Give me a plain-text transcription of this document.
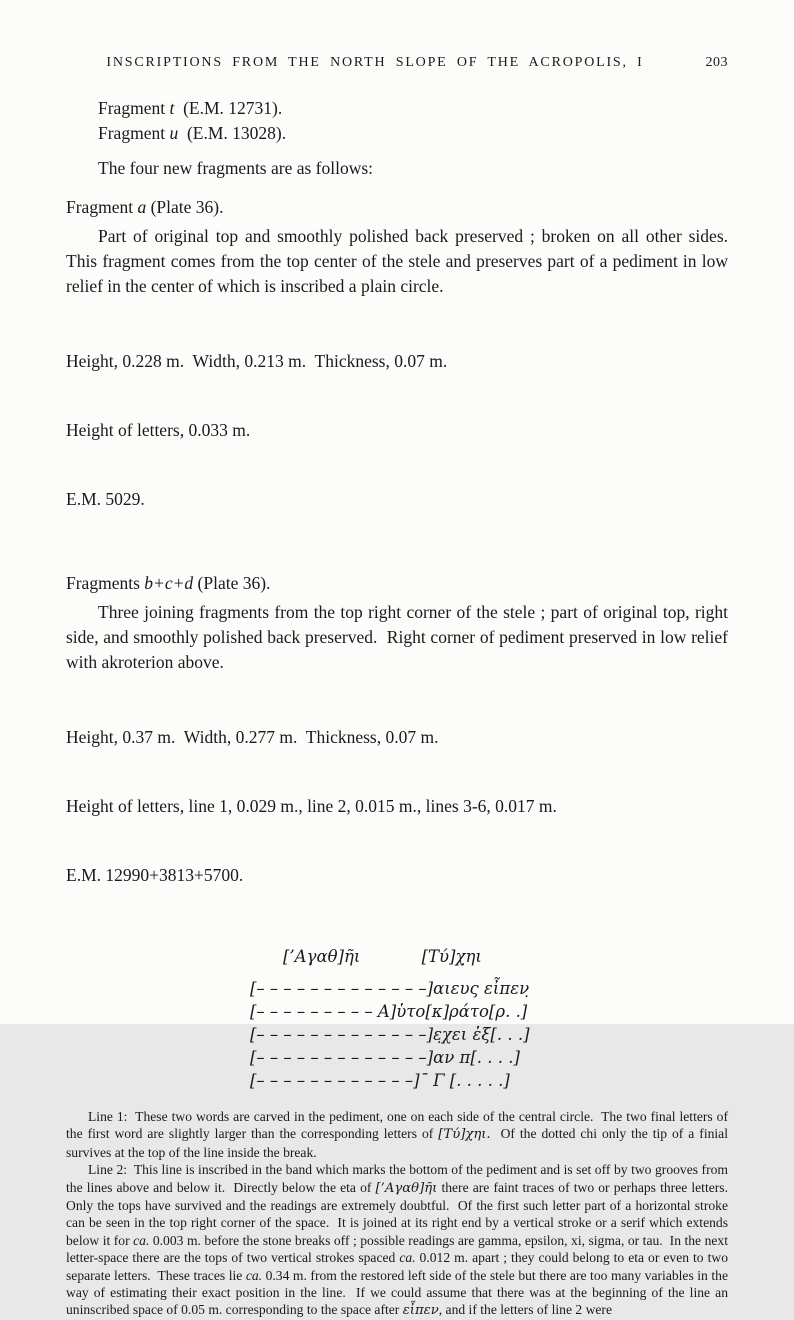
INSCRIPTIONS FROM THE NORTH SLOPE OF THE ACROPOLIS, I	203
Fragment t  (E.M. 12731).
Fragment u  (E.M. 13028).
The four new fragments are as follows:
Fragment a (Plate 36).
Part of original top and smoothly polished back preserved ; broken on all other sides.  This fragment comes from the top center of the stele and preserves part of a pediment in low relief in the center of which is inscribed a plain circle.

Height, 0.228 m.  Width, 0.213 m.  Thickness, 0.07 m.

Height of letters, 0.033 m.

E.M. 5029.

Fragments b+c+d (Plate 36).
Three joining fragments from the top right corner of the stele ; part of original top, right side, and smoothly polished back preserved.  Right corner of pediment preserved in low relief with akroterion above.

Height, 0.37 m.  Width, 0.277 m.  Thickness, 0.07 m.

Height of letters, line 1, 0.029 m., line 2, 0.015 m., lines 3-6, 0.017 m.

E.M. 12990+3813+5700.

[’Αγαθ]ῆι	[Τύ]χ̣ηι
[– – – – – – – – – – – – –]αιευς εἶπεν̣
[– – – – – – – – – Α]ὑτο[κ]ράτο[ρ. .]
[– – – – – – – – – – – – –]ε̣χει ἐξ[. . .]
[– – – – – – – – – – – – –]αν π[. . . .]
[– – – – – – – – – – – –]¯ Γ [. . . . .]
Line 1:  These two words are carved in the pediment, one on each side of the central circle.  The two final letters of the first word are slightly larger than the corresponding letters of [Τύ]χ̣ηι.  Of the dotted chi only the tip of a finial survives at the top of the line inside the break.
Line 2:  This line is inscribed in the band which marks the bottom of the pediment and is set off by two grooves from the lines above and below it.  Directly below the eta of [’Αγαθ]ῆι there are faint traces of two or perhaps three letters.  Only the tops have survived and the readings are extremely doubtful.  Of the first such letter part of a horizontal stroke can be seen in the top right corner of the space.  It is joined at its right end by a vertical stroke or a serif which extends below it for ca. 0.003 m. before the stone breaks off ; possible readings are gamma, epsilon, xi, sigma, or tau.  In the next letter-space there are the tops of two vertical strokes spaced ca. 0.012 m. apart ; they could belong to eta or even to two separate letters.  These traces lie ca. 0.34 m. from the restored left side of the stele but there are too many variables in the way of estimating their exact position in the line.  If we could assume that there was at the beginning of the line an uninscribed space of 0.05 m. corresponding to the space after εἶπεν, and if the letters of line 2 were
